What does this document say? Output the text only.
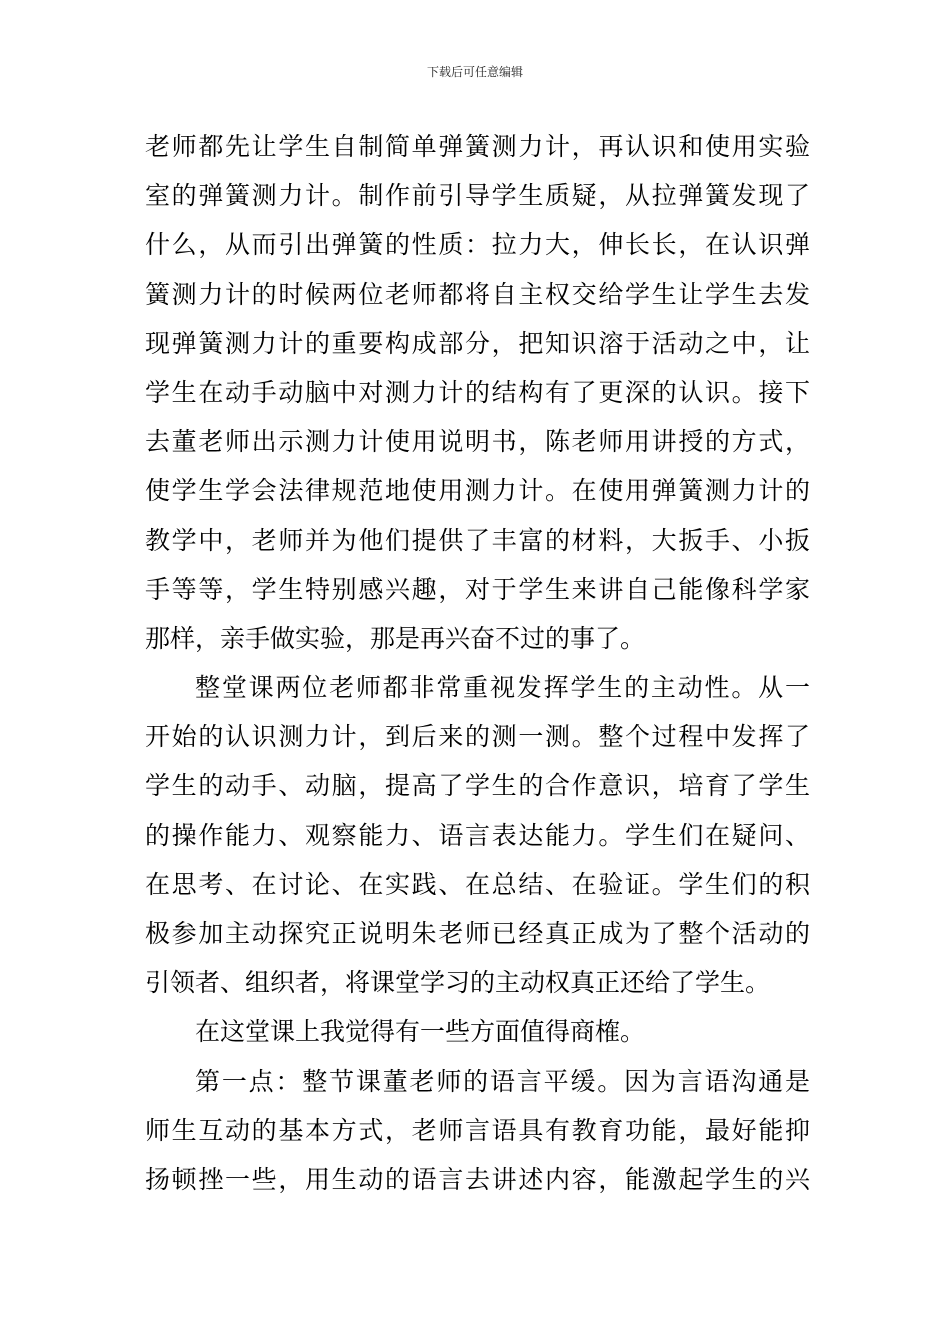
下载后可任意编辑
老师都先让学生自制简单弹簧测力计，再认识和使用实验
室的弹簧测力计。制作前引导学生质疑，从拉弹簧发现了
什么，从而引出弹簧的性质：拉力大，伸长长，在认识弹
簧测力计的时候两位老师都将自主权交给学生让学生去发
现弹簧测力计的重要构成部分，把知识溶于活动之中，让
学生在动手动脑中对测力计的结构有了更深的认识。接下
去董老师出示测力计使用说明书，陈老师用讲授的方式，
使学生学会法律规范地使用测力计。在使用弹簧测力计的
教学中，老师并为他们提供了丰富的材料，大扳手、小扳
手等等，学生特别感兴趣，对于学生来讲自己能像科学家
那样，亲手做实验，那是再兴奋不过的事了。
整堂课两位老师都非常重视发挥学生的主动性。从一
开始的认识测力计，到后来的测一测。整个过程中发挥了
学生的动手、动脑，提高了学生的合作意识，培育了学生
的操作能力、观察能力、语言表达能力。学生们在疑问、
在思考、在讨论、在实践、在总结、在验证。学生们的积
极参加主动探究正说明朱老师已经真正成为了整个活动的
引领者、组织者，将课堂学习的主动权真正还给了学生。
在这堂课上我觉得有一些方面值得商榷。
第一点：整节课董老师的语言平缓。因为言语沟通是
师生互动的基本方式，老师言语具有教育功能，最好能抑
扬顿挫一些，用生动的语言去讲述内容，能激起学生的兴
